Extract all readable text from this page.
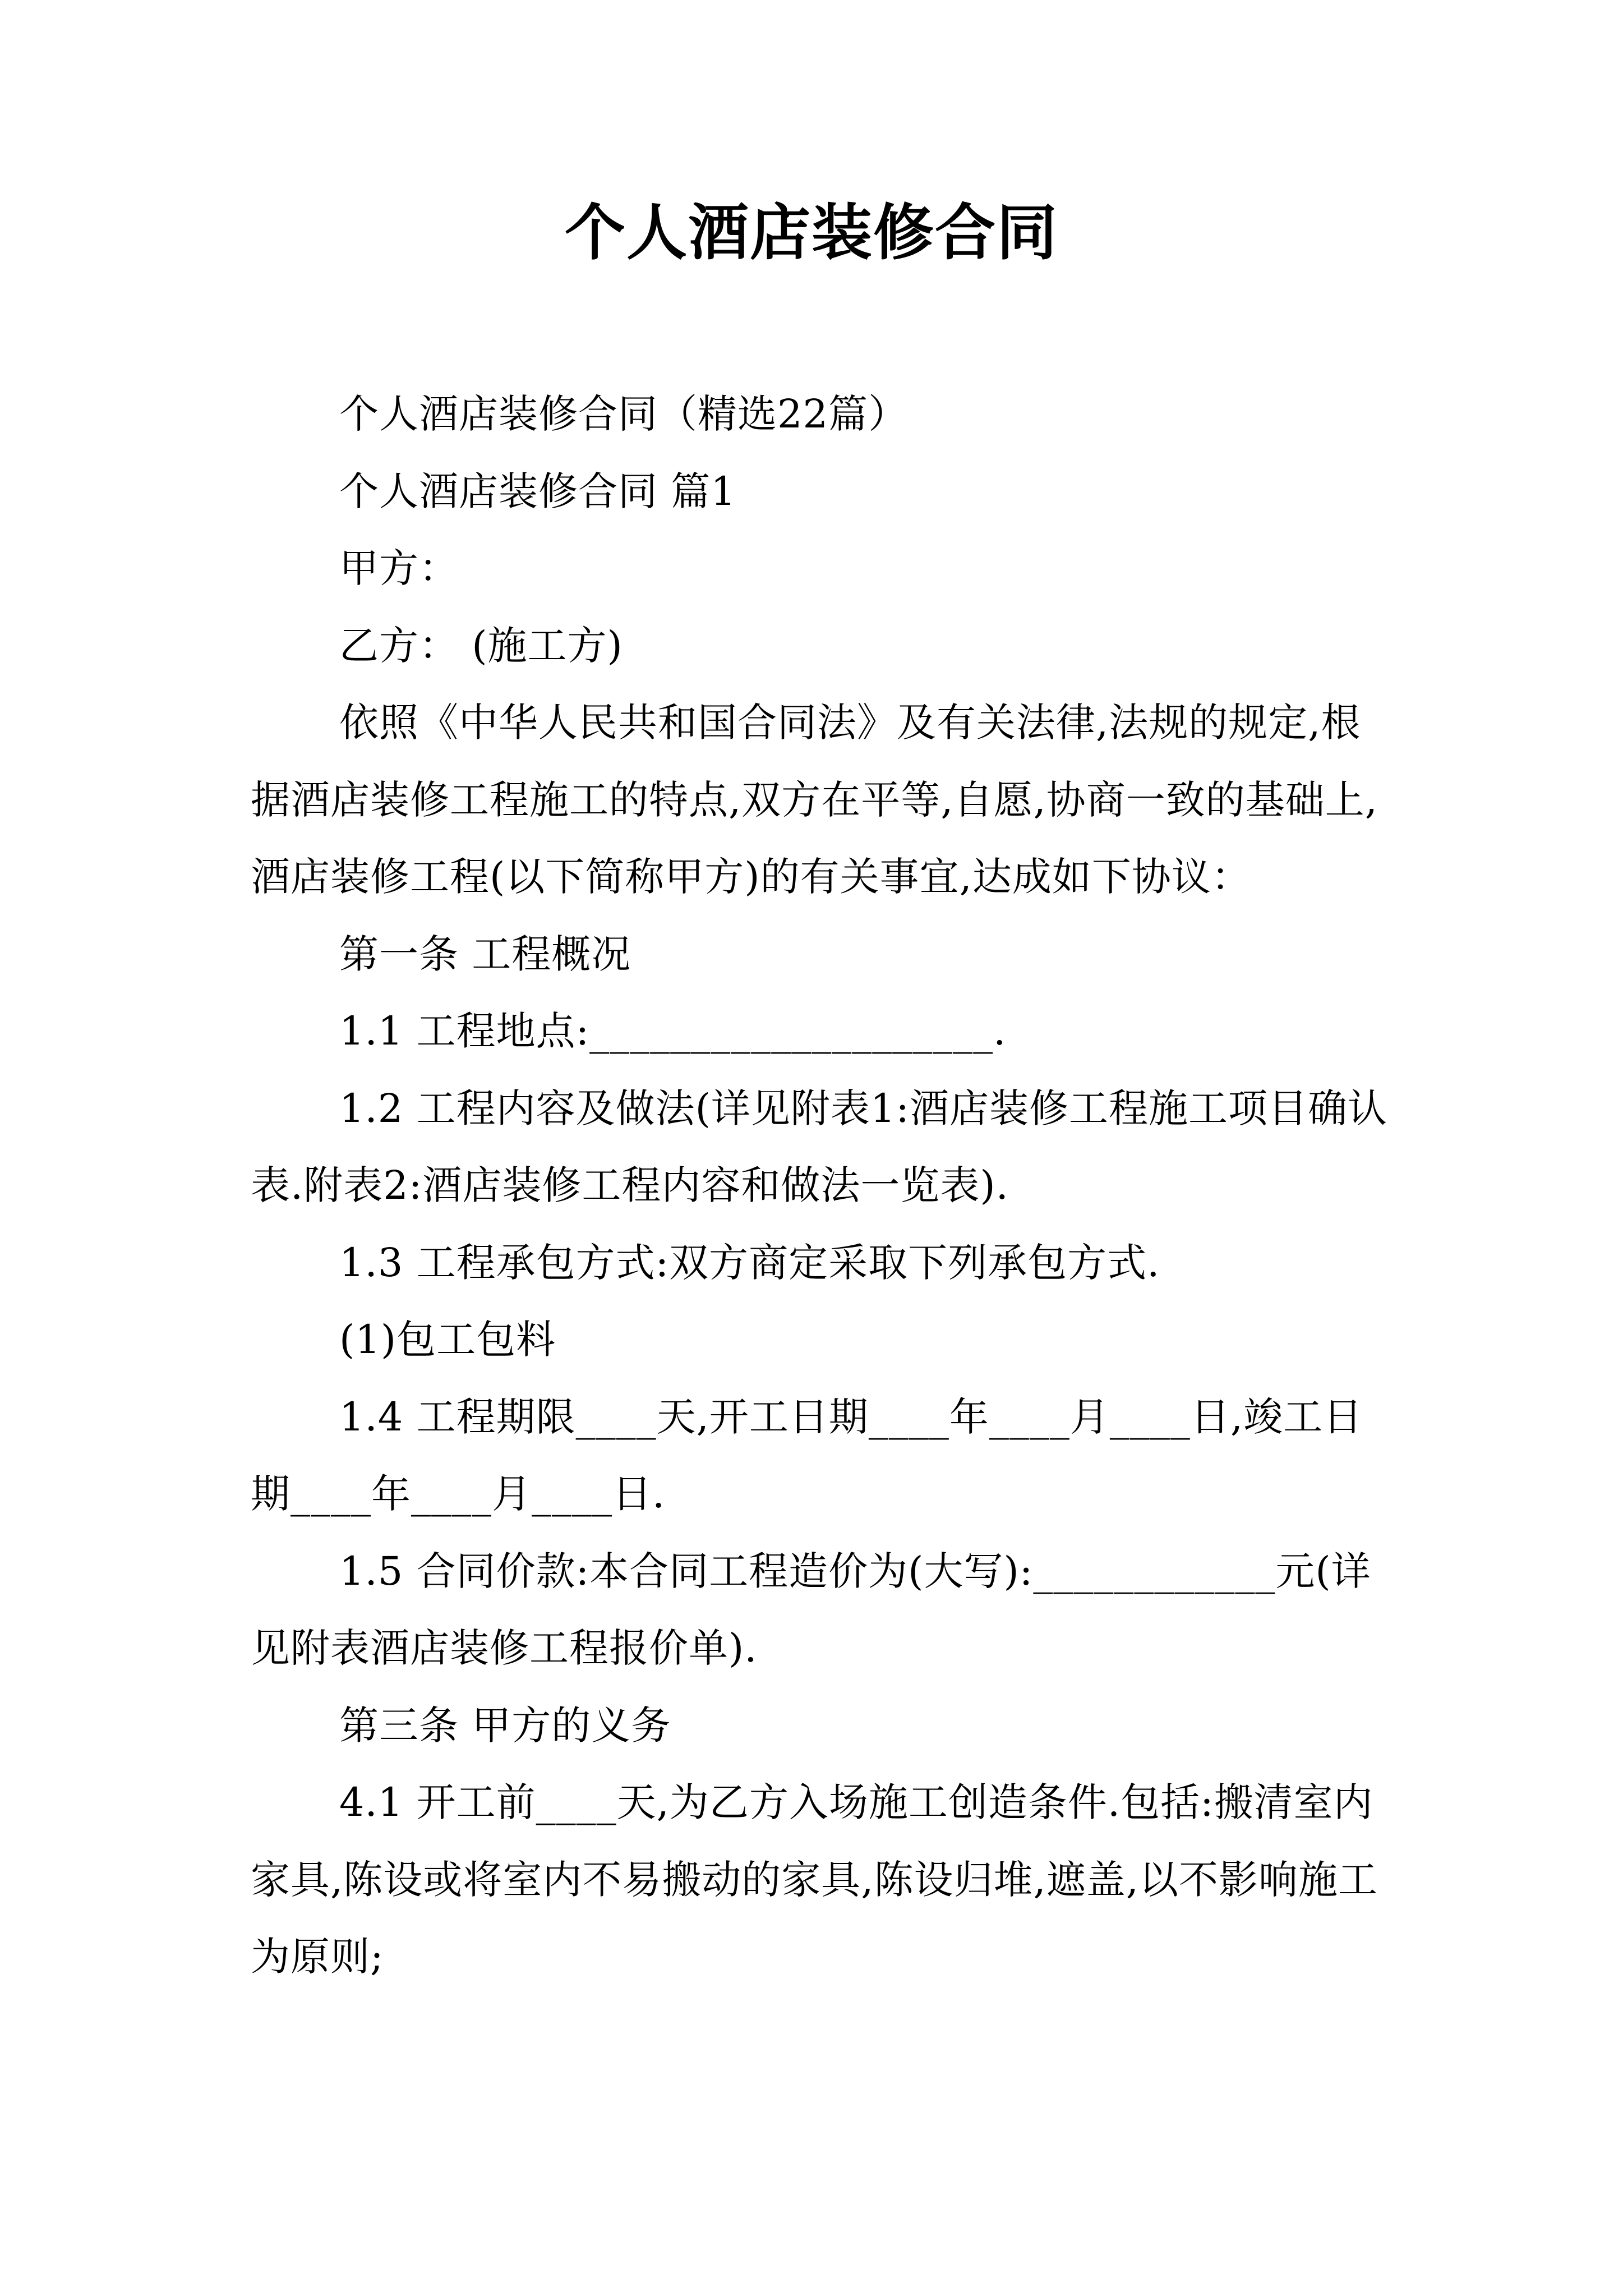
个人酒店装修合同

个人酒店装修合同（精选22篇）

个人酒店装修合同 篇1

甲方：

乙方： (施工方)

依照《中华人民共和国合同法》及有关法律,法规的规定,根据酒店装修工程施工的特点,双方在平等,自愿,协商一致的基础上,酒店装修工程(以下简称甲方)的有关事宜,达成如下协议：

第一条 工程概况

1.1 工程地点:____________________.

1.2 工程内容及做法(详见附表1:酒店装修工程施工项目确认表.附表2:酒店装修工程内容和做法一览表).

1.3 工程承包方式:双方商定采取下列承包方式.

(1)包工包料

1.4 工程期限____天,开工日期____年____月____日,竣工日期____年____月____日.

1.5 合同价款:本合同工程造价为(大写):____________元(详见附表酒店装修工程报价单).

第三条 甲方的义务

4.1 开工前____天,为乙方入场施工创造条件.包括:搬清室内家具,陈设或将室内不易搬动的家具,陈设归堆,遮盖,以不影响施工为原则;
